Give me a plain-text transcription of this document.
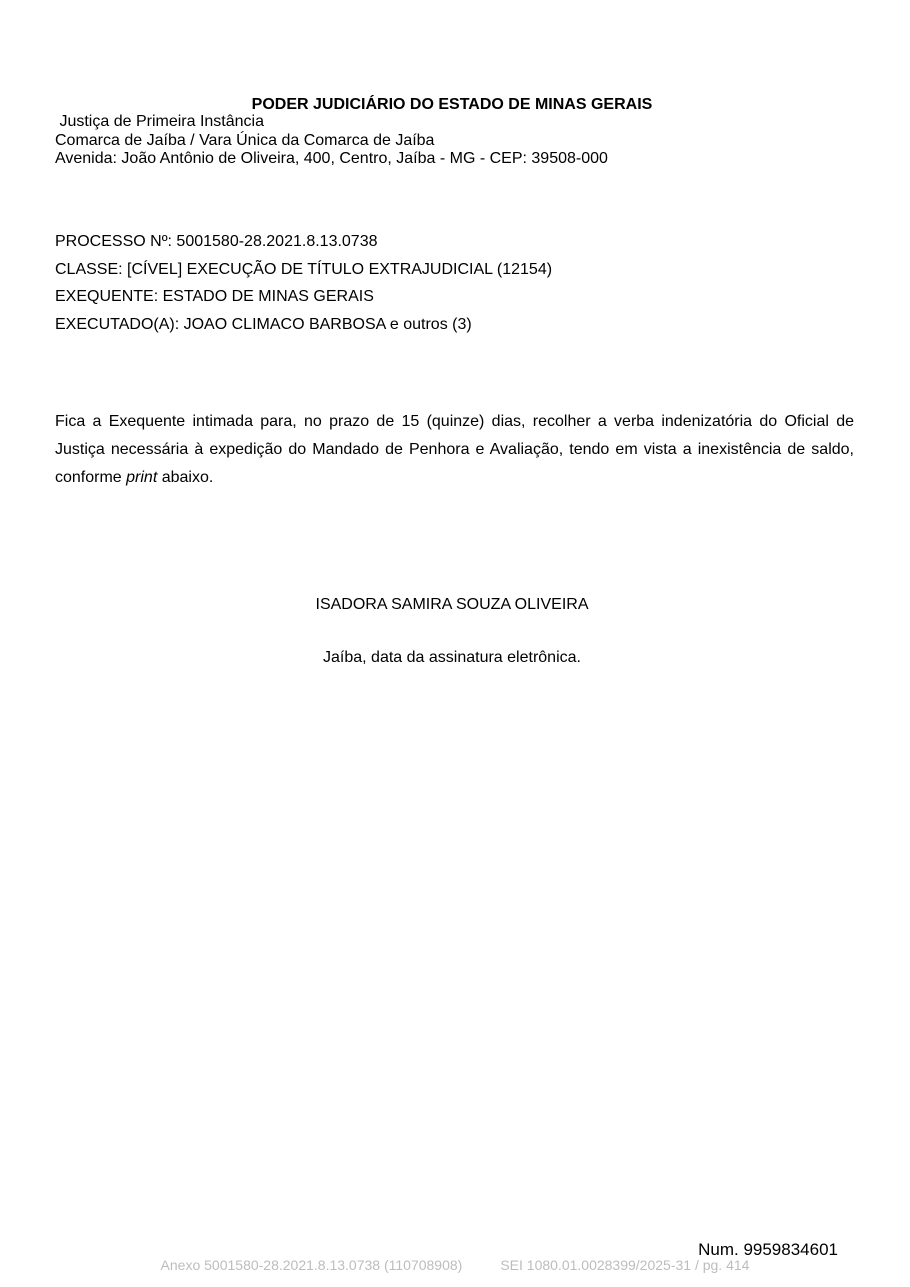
PODER JUDICIÁRIO DO ESTADO DE MINAS GERAIS
Justiça de Primeira Instância
Comarca de Jaíba / Vara Única da Comarca de Jaíba
Avenida: João Antônio de Oliveira, 400, Centro, Jaíba - MG - CEP: 39508-000
PROCESSO Nº: 5001580-28.2021.8.13.0738
CLASSE: [CÍVEL] EXECUÇÃO DE TÍTULO EXTRAJUDICIAL (12154)
EXEQUENTE: ESTADO DE MINAS GERAIS
EXECUTADO(A): JOAO CLIMACO BARBOSA e outros (3)
Fica a Exequente intimada para, no prazo de 15 (quinze) dias, recolher a verba indenizatória do Oficial de Justiça necessária à expedição do Mandado de Penhora e Avaliação, tendo em vista a inexistência de saldo, conforme print abaixo.
ISADORA SAMIRA SOUZA OLIVEIRA
Jaíba, data da assinatura eletrônica.
Num. 9959834601
Anexo 5001580-28.2021.8.13.0738 (110708908)	SEI 1080.01.0028399/2025-31 / pg. 414
